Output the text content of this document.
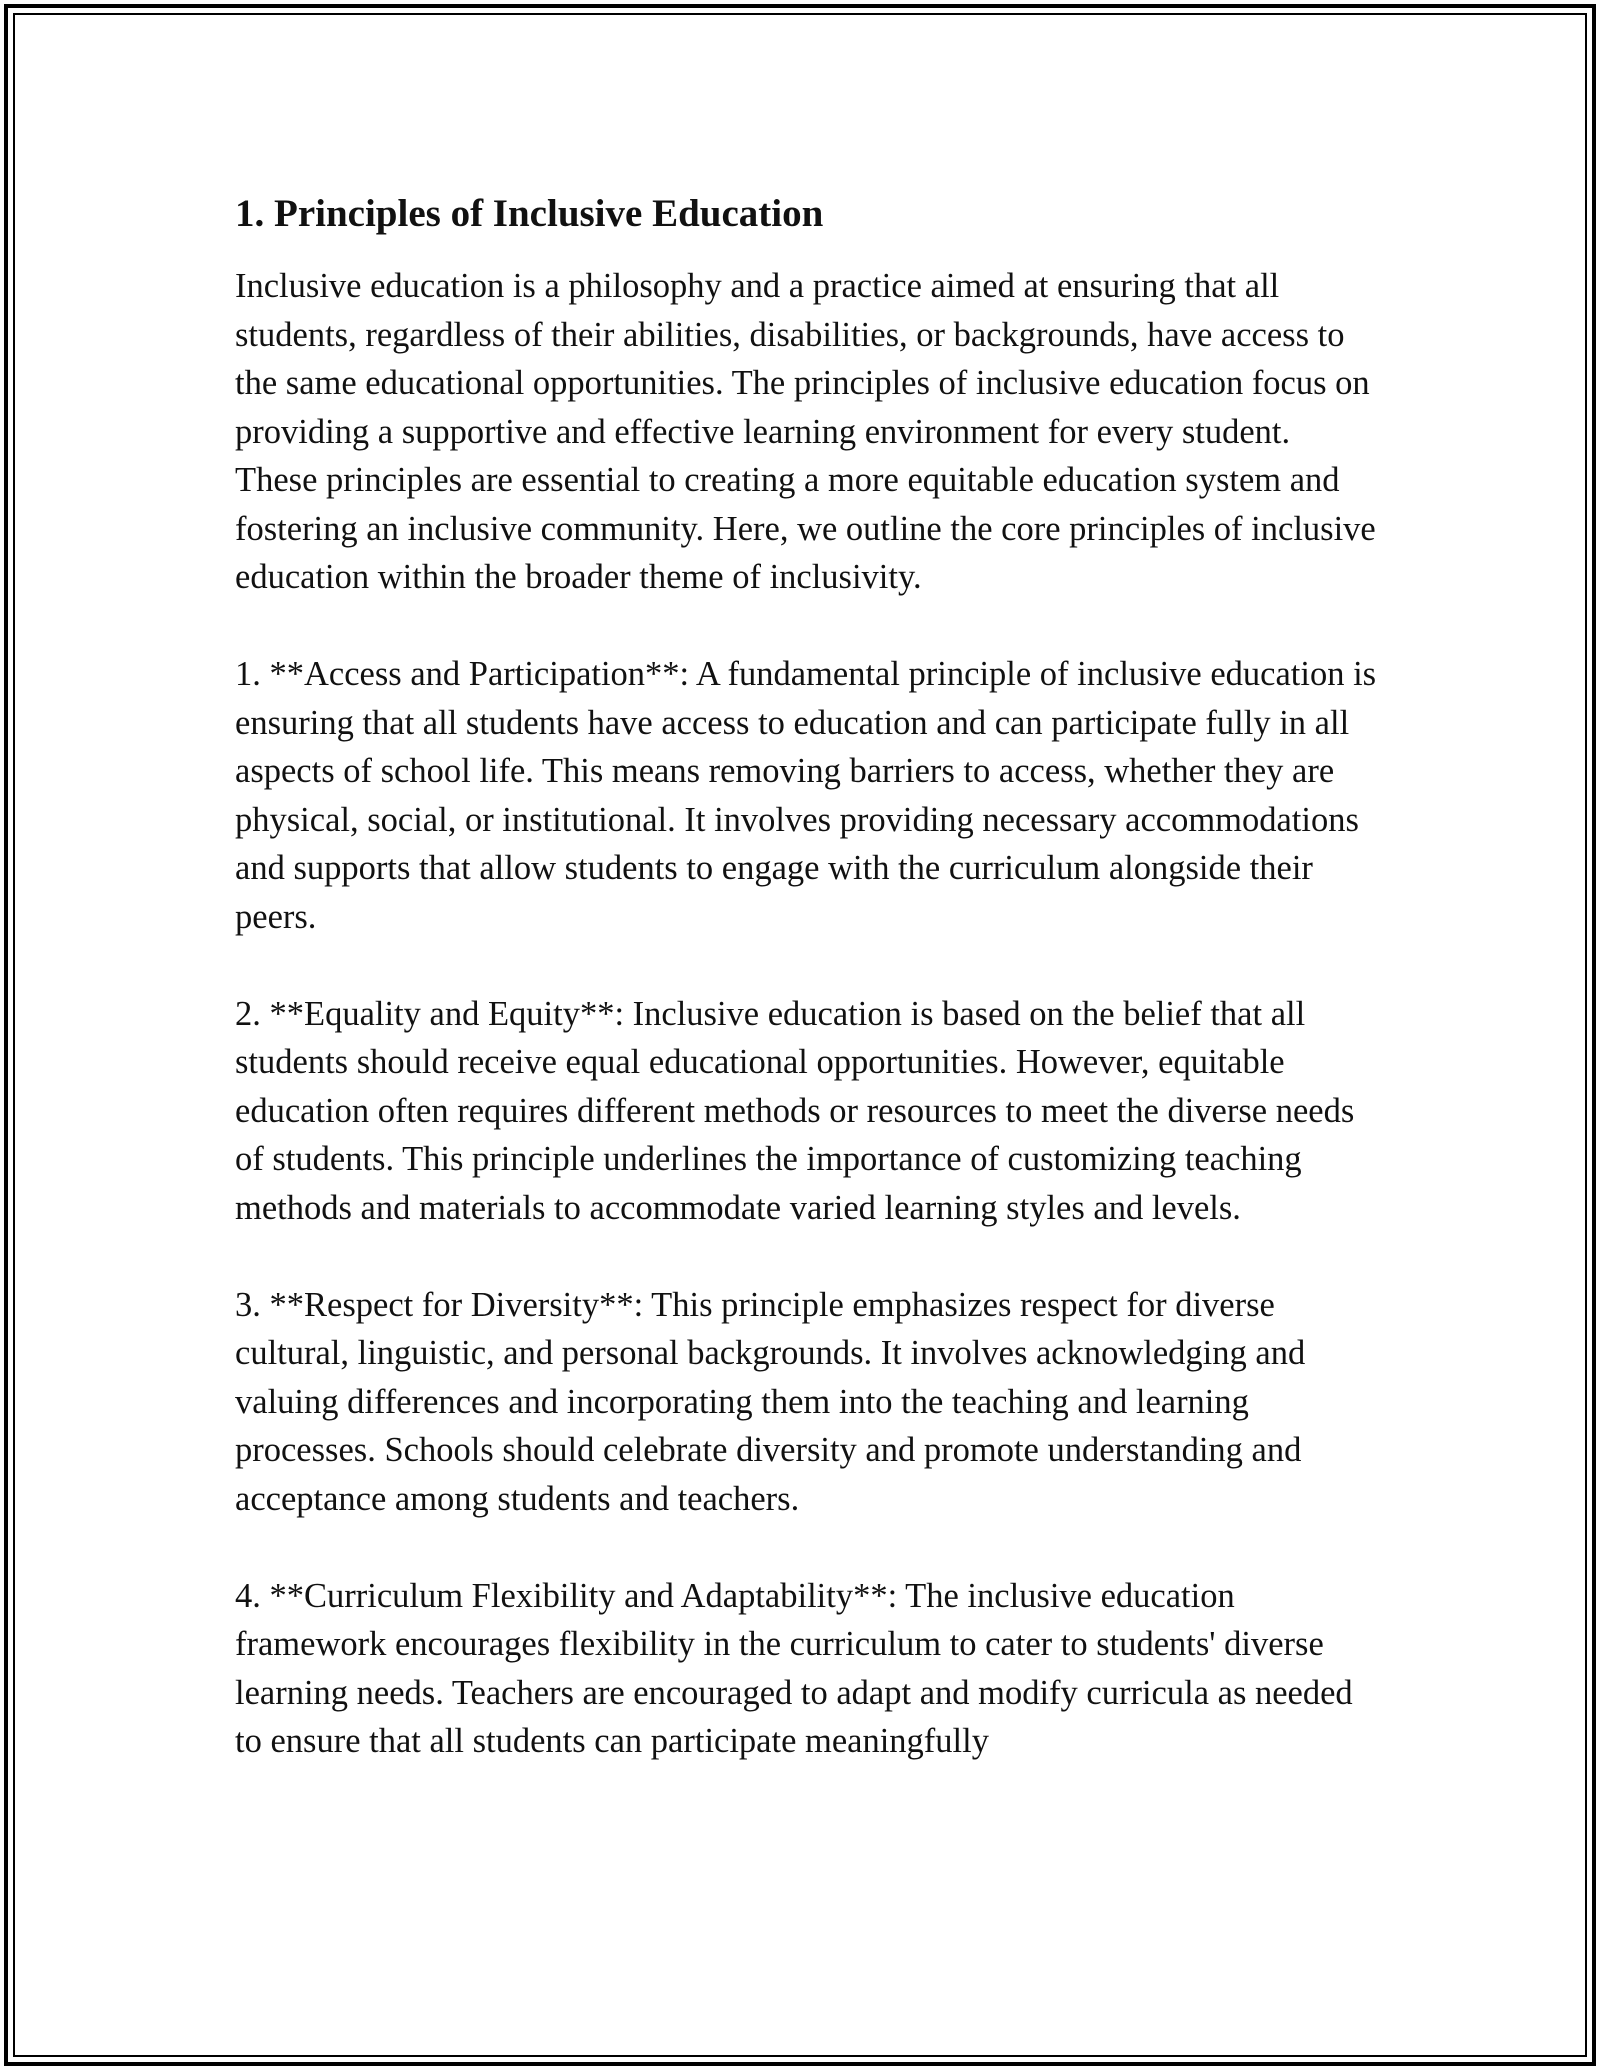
1. Principles of Inclusive Education

Inclusive education is a philosophy and a practice aimed at ensuring that all students, regardless of their abilities, disabilities, or backgrounds, have access to the same educational opportunities. The principles of inclusive education focus on providing a supportive and effective learning environment for every student. These principles are essential to creating a more equitable education system and fostering an inclusive community. Here, we outline the core principles of inclusive education within the broader theme of inclusivity.

1. **Access and Participation**: A fundamental principle of inclusive education is ensuring that all students have access to education and can participate fully in all aspects of school life. This means removing barriers to access, whether they are physical, social, or institutional. It involves providing necessary accommodations and supports that allow students to engage with the curriculum alongside their peers.

2. **Equality and Equity**: Inclusive education is based on the belief that all students should receive equal educational opportunities. However, equitable education often requires different methods or resources to meet the diverse needs of students. This principle underlines the importance of customizing teaching methods and materials to accommodate varied learning styles and levels.

3. **Respect for Diversity**: This principle emphasizes respect for diverse cultural, linguistic, and personal backgrounds. It involves acknowledging and valuing differences and incorporating them into the teaching and learning processes. Schools should celebrate diversity and promote understanding and acceptance among students and teachers.

4. **Curriculum Flexibility and Adaptability**: The inclusive education framework encourages flexibility in the curriculum to cater to students' diverse learning needs. Teachers are encouraged to adapt and modify curricula as needed to ensure that all students can participate meaningfully
